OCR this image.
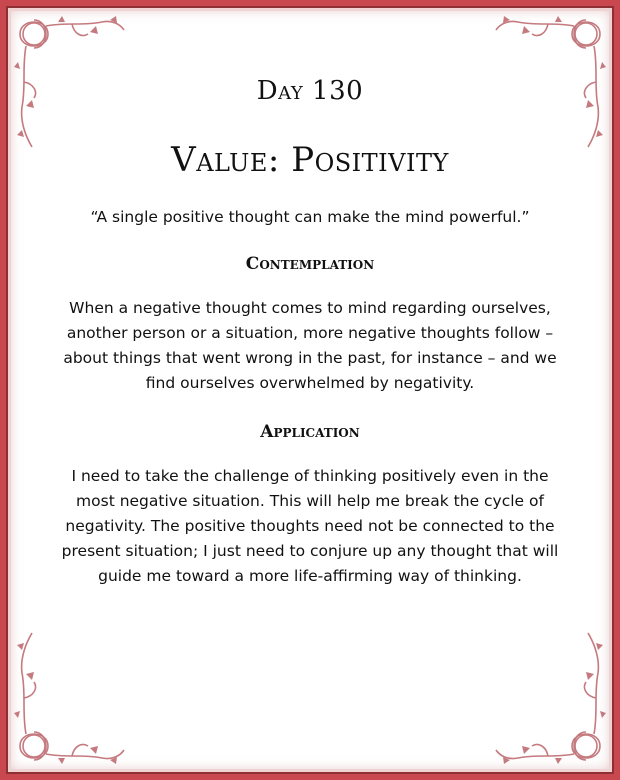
Day 130
Value: Positivity
“A single positive thought can make the mind powerful.”
Contemplation
When a negative thought comes to mind regarding ourselves, another person or a situation, more negative thoughts follow – about things that went wrong in the past, for instance – and we find ourselves overwhelmed by negativity.
Application
I need to take the challenge of thinking positively even in the most negative situation. This will help me break the cycle of negativity. The positive thoughts need not be connected to the present situation; I just need to conjure up any thought that will guide me toward a more life-affirming way of thinking.
